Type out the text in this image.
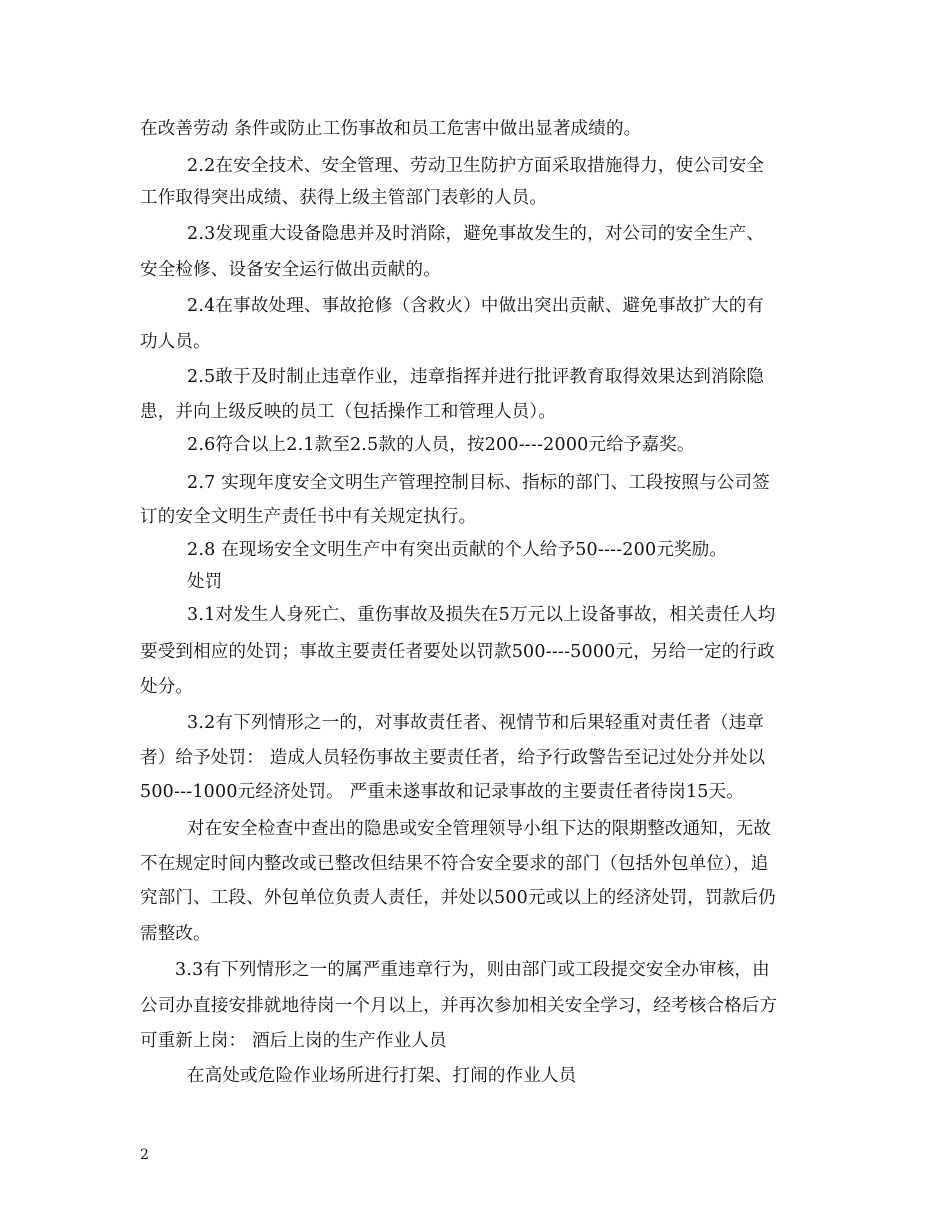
在改善劳动 条件或防止工伤事故和员工危害中做出显著成绩的。
2.2在安全技术、安全管理、劳动卫生防护方面采取措施得力，使公司安全
工作取得突出成绩、获得上级主管部门表彰的人员。
2.3发现重大设备隐患并及时消除，避免事故发生的，对公司的安全生产、
安全检修、设备安全运行做出贡献的。
2.4在事故处理、事故抢修（含救火）中做出突出贡献、避免事故扩大的有
功人员。
2.5敢于及时制止违章作业，违章指挥并进行批评教育取得效果达到消除隐
患，并向上级反映的员工（包括操作工和管理人员）。
2.6符合以上2.1款至2.5款的人员，按200----2000元给予嘉奖。
2.7 实现年度安全文明生产管理控制目标、指标的部门、工段按照与公司签
订的安全文明生产责任书中有关规定执行。
2.8 在现场安全文明生产中有突出贡献的个人给予50----200元奖励。
处罚
3.1对发生人身死亡、重伤事故及损失在5万元以上设备事故，相关责任人均
要受到相应的处罚；事故主要责任者要处以罚款500----5000元，另给一定的行政
处分。
3.2有下列情形之一的，对事故责任者、视情节和后果轻重对责任者（违章
者）给予处罚： 造成人员轻伤事故主要责任者，给予行政警告至记过处分并处以
500---1000元经济处罚。 严重未遂事故和记录事故的主要责任者待岗15天。
对在安全检查中查出的隐患或安全管理领导小组下达的限期整改通知，无故
不在规定时间内整改或已整改但结果不符合安全要求的部门（包括外包单位），追
究部门、工段、外包单位负责人责任，并处以500元或以上的经济处罚，罚款后仍
需整改。
3.3有下列情形之一的属严重违章行为，则由部门或工段提交安全办审核，由
公司办直接安排就地待岗一个月以上，并再次参加相关安全学习，经考核合格后方
可重新上岗： 酒后上岗的生产作业人员
在高处或危险作业场所进行打架、打闹的作业人员
2
